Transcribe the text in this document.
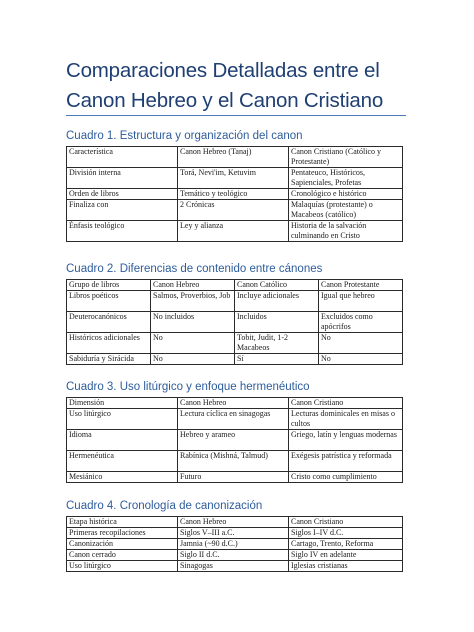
Comparaciones Detalladas entre el Canon Hebreo y el Canon Cristiano
Cuadro 1. Estructura y organización del canon
Característica	Canon Hebreo (Tanaj)	Canon Cristiano (Católico y Protestante)
División interna	Torá, Nevi'im, Ketuvim	Pentateuco, Históricos, Sapienciales, Profetas
Orden de libros	Temático y teológico	Cronológico e histórico
Finaliza con	2 Crónicas	Malaquías (protestante) o Macabeos (católico)
Énfasis teológico	Ley y alianza	Historia de la salvación culminando en Cristo
Cuadro 2. Diferencias de contenido entre cánones
Grupo de libros	Canon Hebreo	Canon Católico	Canon Protestante
Libros poéticos	Salmos, Proverbios, Job	Incluye adicionales	Igual que hebreo
Deuterocanónicos	No incluidos	Incluidos	Excluidos como apócrifos
Históricos adicionales	No	Tobit, Judit, 1-2 Macabeos	No
Sabiduría y Sirácida	No	Sí	No
Cuadro 3. Uso litúrgico y enfoque hermenéutico
Dimensión	Canon Hebreo	Canon Cristiano
Uso litúrgico	Lectura cíclica en sinagogas	Lecturas dominicales en misas o cultos
Idioma	Hebreo y arameo	Griego, latín y lenguas modernas
Hermenéutica	Rabínica (Mishná, Talmud)	Exégesis patrística y reformada
Mesiánico	Futuro	Cristo como cumplimiento
Cuadro 4. Cronología de canonización
Etapa histórica	Canon Hebreo	Canon Cristiano
Primeras recopilaciones	Siglos V–III a.C.	Siglos I–IV d.C.
Canonización	Jamnia (~90 d.C.)	Cartago, Trento, Reforma
Canon cerrado	Siglo II d.C.	Siglo IV en adelante
Uso litúrgico	Sinagogas	Iglesias cristianas
